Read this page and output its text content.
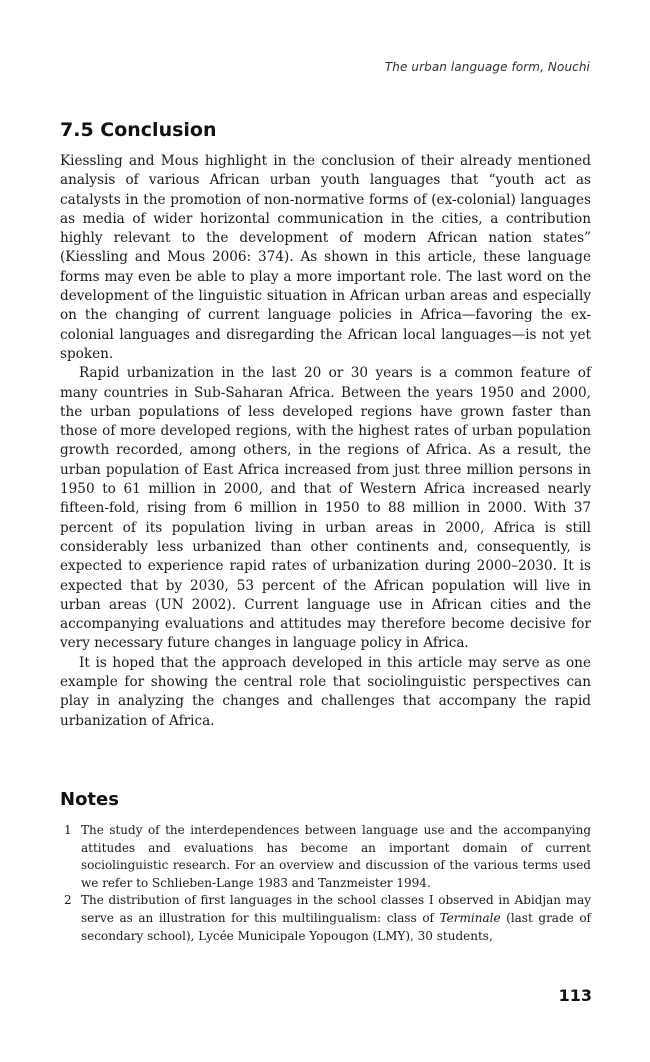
The urban language form, Nouchi
7.5 Conclusion

Kiessling and Mous highlight in the conclusion of their already mentioned analysis of various African urban youth languages that “youth act as catalysts in the promotion of non-normative forms of (ex-colonial) languages as media of wider horizontal communication in the cities, a contribution highly relevant to the development of modern African nation states” (Kiessling and Mous 2006: 374). As shown in this article, these language forms may even be able to play a more important role. The last word on the development of the linguistic situation in African urban areas and especially on the changing of current language policies in Africa—favoring the ex-colonial languages and disregarding the African local languages—is not yet spoken.

Rapid urbanization in the last 20 or 30 years is a common feature of many countries in Sub-Saharan Africa. Between the years 1950 and 2000, the urban populations of less developed regions have grown faster than those of more developed regions, with the highest rates of urban population growth recorded, among others, in the regions of Africa. As a result, the urban population of East Africa increased from just three million persons in 1950 to 61 million in 2000, and that of Western Africa increased nearly fifteen-fold, rising from 6 million in 1950 to 88 million in 2000. With 37 percent of its population living in urban areas in 2000, Africa is still considerably less urbanized than other continents and, consequently, is expected to experience rapid rates of urbanization during 2000–2030. It is expected that by 2030, 53 percent of the African population will live in urban areas (UN 2002). Current language use in African cities and the accompanying evaluations and attitudes may therefore become decisive for very necessary future changes in language policy in Africa.

It is hoped that the approach developed in this article may serve as one example for showing the central role that sociolinguistic perspectives can play in analyzing the changes and challenges that accompany the rapid urbanization of Africa.

Notes
1 The study of the interdependences between language use and the accompanying attitudes and evaluations has become an important domain of current sociolinguistic research. For an overview and discussion of the various terms used we refer to Schlieben-Lange 1983 and Tanzmeister 1994.
2 The distribution of first languages in the school classes I observed in Abidjan may serve as an illustration for this multilingualism: class of Terminale (last grade of secondary school), Lycée Municipale Yopougon (LMY), 30 students,
113
